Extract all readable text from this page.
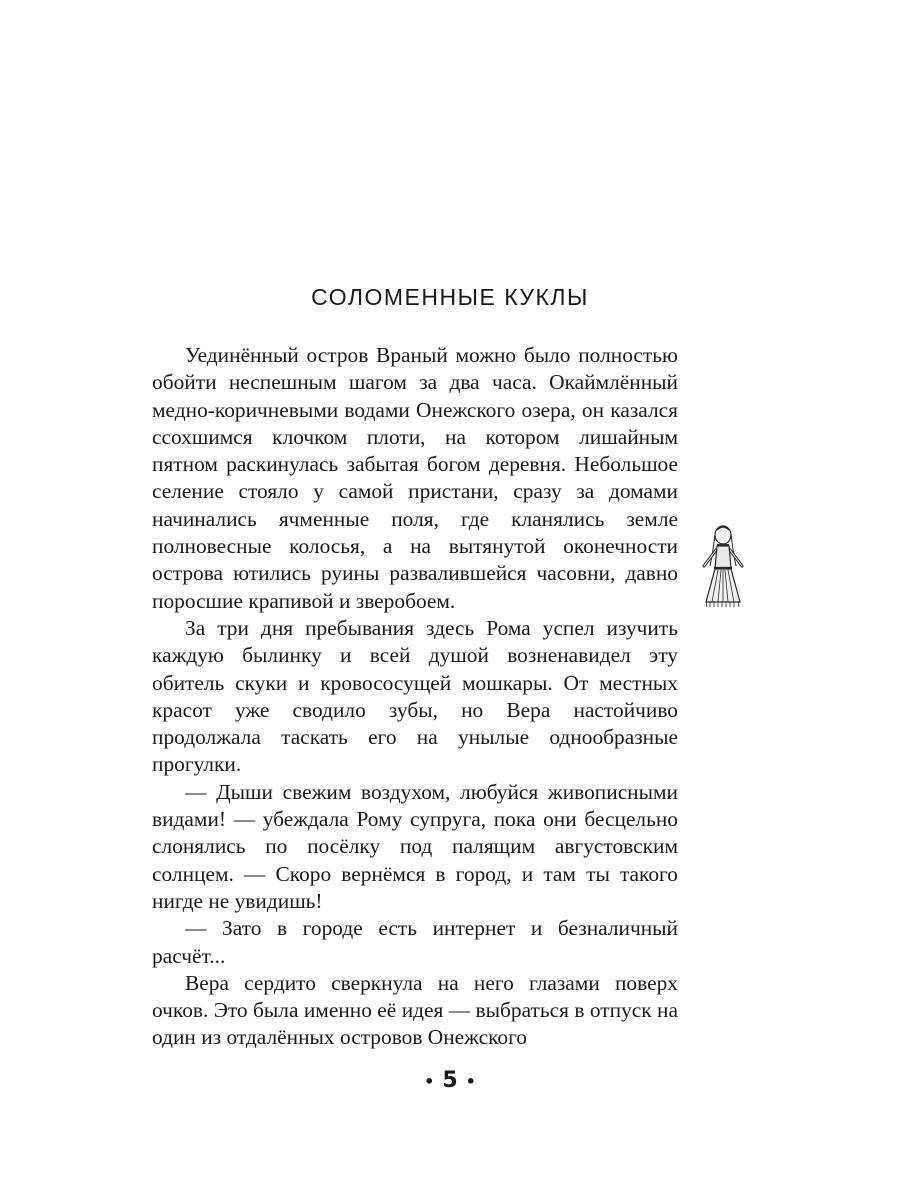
СОЛОМЕННЫЕ КУКЛЫ

Уединённый остров Враный можно было полностью обойти неспешным шагом за два часа. Окаймлённый медно-коричневыми водами Онежского озера, он казался ссохшимся клочком плоти, на котором лишайным пятном раскинулась забытая богом деревня. Небольшое селение стояло у самой пристани, сразу за домами начинались ячменные поля, где кланялись земле полновесные колосья, а на вытянутой оконечности острова ютились руины развалившейся часовни, давно поросшие крапивой и зверобоем.

За три дня пребывания здесь Рома успел изучить каждую былинку и всей душой возненавидел эту обитель скуки и кровососущей мошкары. От местных красот уже сводило зубы, но Вера настойчиво продолжала таскать его на унылые однообразные прогулки.

— Дыши свежим воздухом, любуйся живописными видами! — убеждала Рому супруга, пока они бесцельно слонялись по посёлку под палящим августовским солнцем. — Скоро вернёмся в город, и там ты такого нигде не увидишь!

— Зато в городе есть интернет и безналичный расчёт...

Вера сердито сверкнула на него глазами поверх очков. Это была именно её идея — выбраться в отпуск на один из отдалённых островов Онежского

• 5 •
